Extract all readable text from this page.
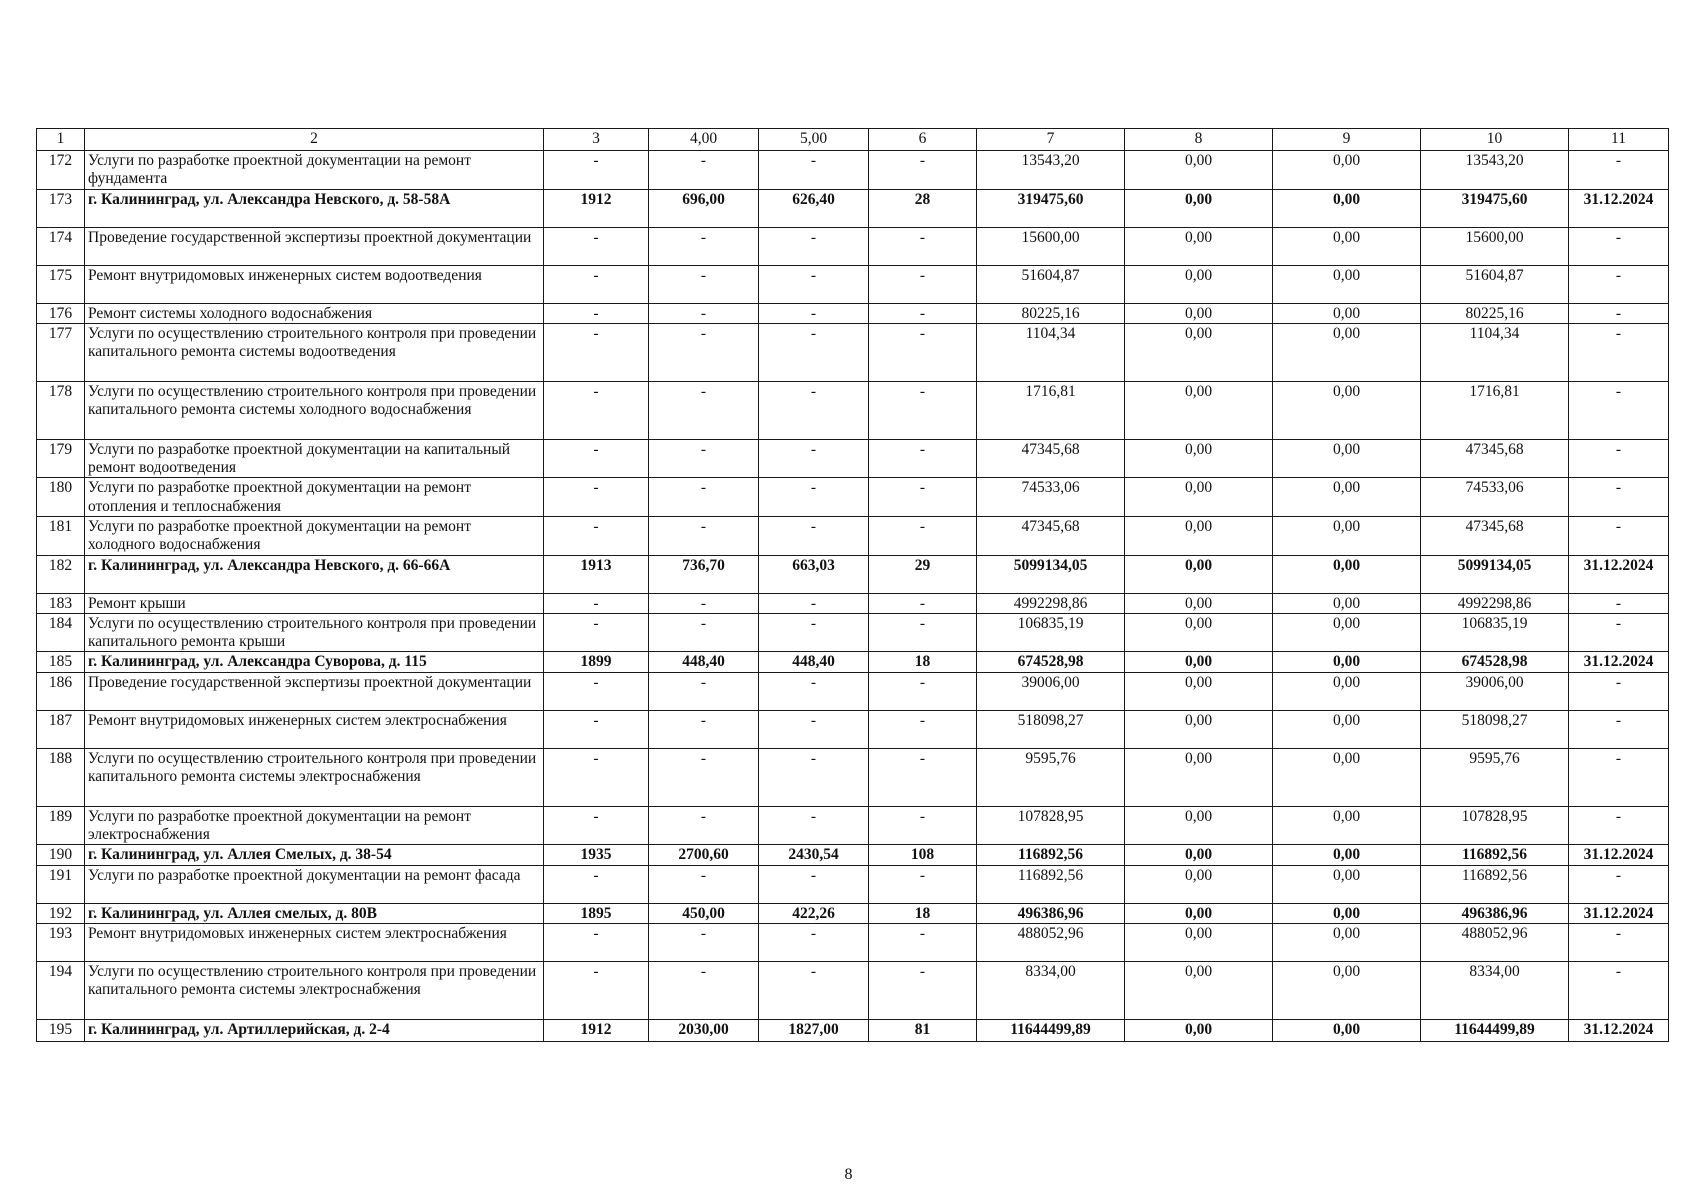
1	2	3	4,00	5,00	6	7	8	9	10	11
172	Услуги по разработке проектной документации на ремонт фундамента	-	-	-	-	13543,20	0,00	0,00	13543,20	-
173	г. Калининград, ул. Александра Невского, д. 58-58А	1912	696,00	626,40	28	319475,60	0,00	0,00	319475,60	31.12.2024
174	Проведение государственной экспертизы проектной документации	-	-	-	-	15600,00	0,00	0,00	15600,00	-
175	Ремонт внутридомовых инженерных систем водоотведения	-	-	-	-	51604,87	0,00	0,00	51604,87	-
176	Ремонт системы холодного водоснабжения	-	-	-	-	80225,16	0,00	0,00	80225,16	-
177	Услуги по осуществлению строительного контроля при проведении капитального ремонта системы водоотведения	-	-	-	-	1104,34	0,00	0,00	1104,34	-
178	Услуги по осуществлению строительного контроля при проведении капитального ремонта системы холодного водоснабжения	-	-	-	-	1716,81	0,00	0,00	1716,81	-
179	Услуги по разработке проектной документации на капитальный ремонт водоотведения	-	-	-	-	47345,68	0,00	0,00	47345,68	-
180	Услуги по разработке проектной документации на ремонт отопления и теплоснабжения	-	-	-	-	74533,06	0,00	0,00	74533,06	-
181	Услуги по разработке проектной документации на ремонт холодного водоснабжения	-	-	-	-	47345,68	0,00	0,00	47345,68	-
182	г. Калининград, ул. Александра Невского, д. 66-66А	1913	736,70	663,03	29	5099134,05	0,00	0,00	5099134,05	31.12.2024
183	Ремонт крыши	-	-	-	-	4992298,86	0,00	0,00	4992298,86	-
184	Услуги по осуществлению строительного контроля при проведении капитального ремонта крыши	-	-	-	-	106835,19	0,00	0,00	106835,19	-
185	г. Калининград, ул. Александра Суворова, д. 115	1899	448,40	448,40	18	674528,98	0,00	0,00	674528,98	31.12.2024
186	Проведение государственной экспертизы проектной документации	-	-	-	-	39006,00	0,00	0,00	39006,00	-
187	Ремонт внутридомовых инженерных систем электроснабжения	-	-	-	-	518098,27	0,00	0,00	518098,27	-
188	Услуги по осуществлению строительного контроля при проведении капитального ремонта системы электроснабжения	-	-	-	-	9595,76	0,00	0,00	9595,76	-
189	Услуги по разработке проектной документации на ремонт электроснабжения	-	-	-	-	107828,95	0,00	0,00	107828,95	-
190	г. Калининград, ул. Аллея Смелых, д. 38-54	1935	2700,60	2430,54	108	116892,56	0,00	0,00	116892,56	31.12.2024
191	Услуги по разработке проектной документации на ремонт фасада	-	-	-	-	116892,56	0,00	0,00	116892,56	-
192	г. Калининград, ул. Аллея смелых, д. 80В	1895	450,00	422,26	18	496386,96	0,00	0,00	496386,96	31.12.2024
193	Ремонт внутридомовых инженерных систем электроснабжения	-	-	-	-	488052,96	0,00	0,00	488052,96	-
194	Услуги по осуществлению строительного контроля при проведении капитального ремонта системы электроснабжения	-	-	-	-	8334,00	0,00	0,00	8334,00	-
195	г. Калининград, ул. Артиллерийская, д. 2-4	1912	2030,00	1827,00	81	11644499,89	0,00	0,00	11644499,89	31.12.2024
8
